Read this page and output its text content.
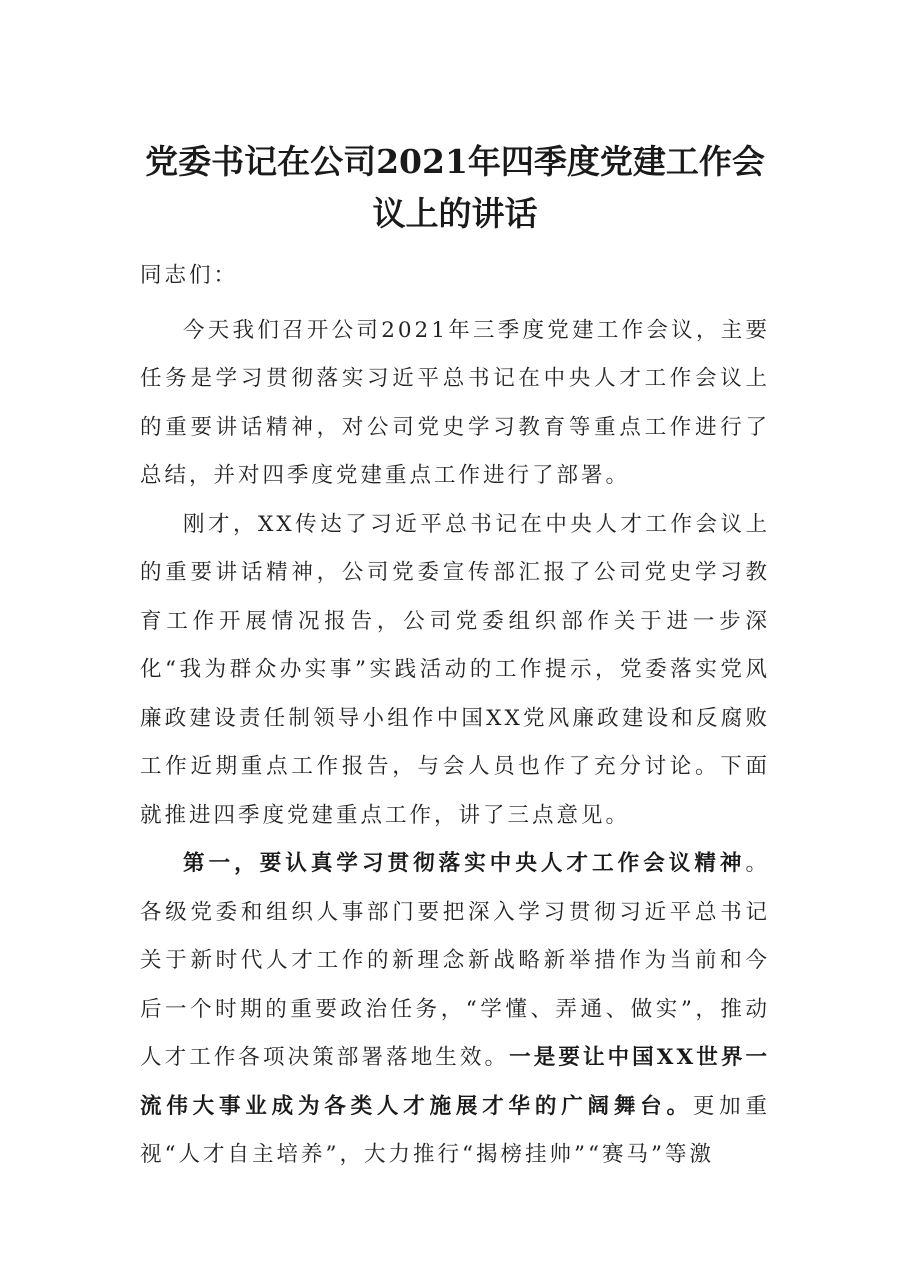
党委书记在公司2021年四季度党建工作会议上的讲话

同志们：

今天我们召开公司2021年三季度党建工作会议，主要任务是学习贯彻落实习近平总书记在中央人才工作会议上的重要讲话精神，对公司党史学习教育等重点工作进行了总结，并对四季度党建重点工作进行了部署。

刚才，XX传达了习近平总书记在中央人才工作会议上的重要讲话精神，公司党委宣传部汇报了公司党史学习教育工作开展情况报告，公司党委组织部作关于进一步深化“我为群众办实事”实践活动的工作提示，党委落实党风廉政建设责任制领导小组作中国XX党风廉政建设和反腐败工作近期重点工作报告，与会人员也作了充分讨论。下面就推进四季度党建重点工作，讲了三点意见。

第一，要认真学习贯彻落实中央人才工作会议精神。各级党委和组织人事部门要把深入学习贯彻习近平总书记关于新时代人才工作的新理念新战略新举措作为当前和今后一个时期的重要政治任务，“学懂、弄通、做实”，推动人才工作各项决策部署落地生效。一是要让中国XX世界一流伟大事业成为各类人才施展才华的广阔舞台。更加重视“人才自主培养”，大力推行“揭榜挂帅”“赛马”等激
